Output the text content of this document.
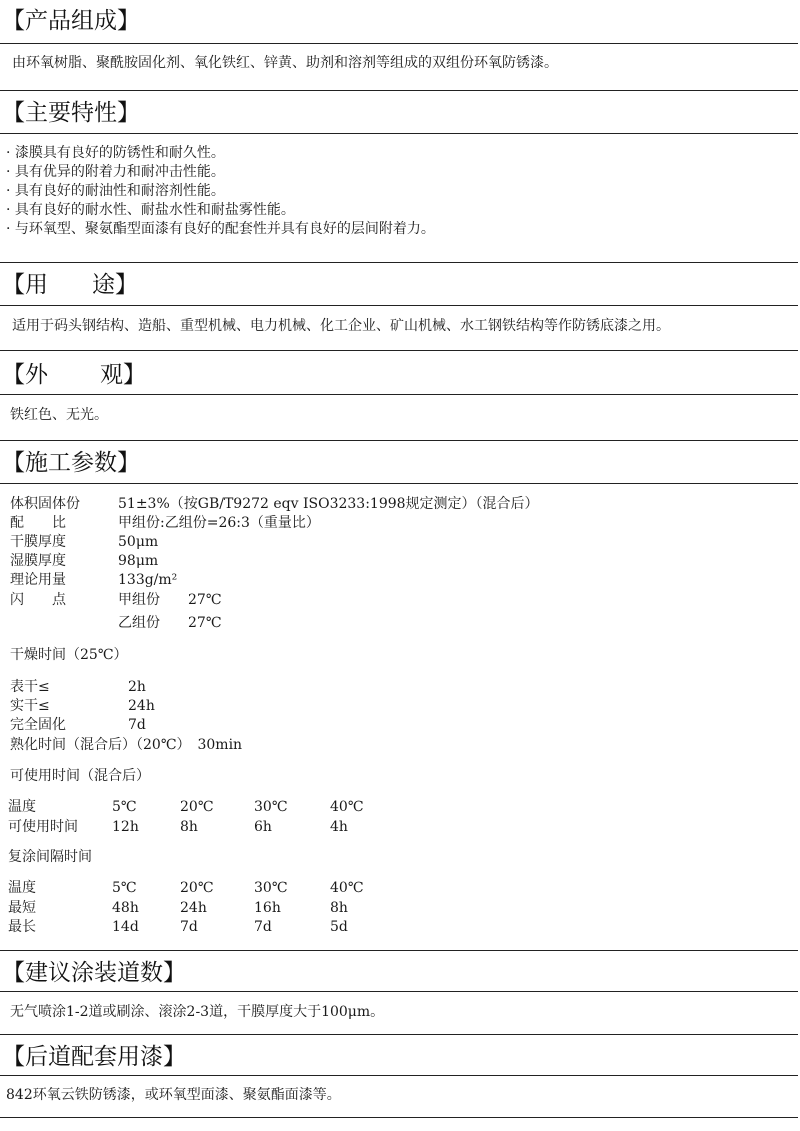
【产品组成】
由环氧树脂、聚酰胺固化剂、氧化铁红、锌黄、助剂和溶剂等组成的双组份环氧防锈漆。
【主要特性】
· 漆膜具有良好的防锈性和耐久性。
· 具有优异的附着力和耐冲击性能。
· 具有良好的耐油性和耐溶剂性能。
· 具有良好的耐水性、耐盐水性和耐盐雾性能。
· 与环氧型、聚氨酯型面漆有良好的配套性并具有良好的层间附着力。
【用 途】
适用于码头钢结构、造船、重型机械、电力机械、化工企业、矿山机械、水工钢铁结构等作防锈底漆之用。
【外 观】
铁红色、无光。
【施工参数】
体积固体份	51±3%（按GB/T9272 eqv ISO3233:1998规定测定）（混合后）
配　　比	甲组份:乙组份=26:3（重量比）
干膜厚度	50μm
湿膜厚度	98μm
理论用量	133g/m²
闪　　点	甲组份　　27℃
乙组份　　27℃
干燥时间（25℃）
表干≤	2h
实干≤	24h
完全固化	7d
熟化时间（混合后）（20℃）　30min
可使用时间（混合后）
温度	5℃	20℃	30℃	40℃
可使用时间 12h	8h	6h	4h
复涂间隔时间
温度	5℃	20℃	30℃	40℃
最短	48h	24h	16h	8h
最长	14d	7d	7d	5d
【建议涂装道数】
无气喷涂1-2道或刷涂、滚涂2-3道，干膜厚度大于100μm。
【后道配套用漆】
842环氧云铁防锈漆，或环氧型面漆、聚氨酯面漆等。
